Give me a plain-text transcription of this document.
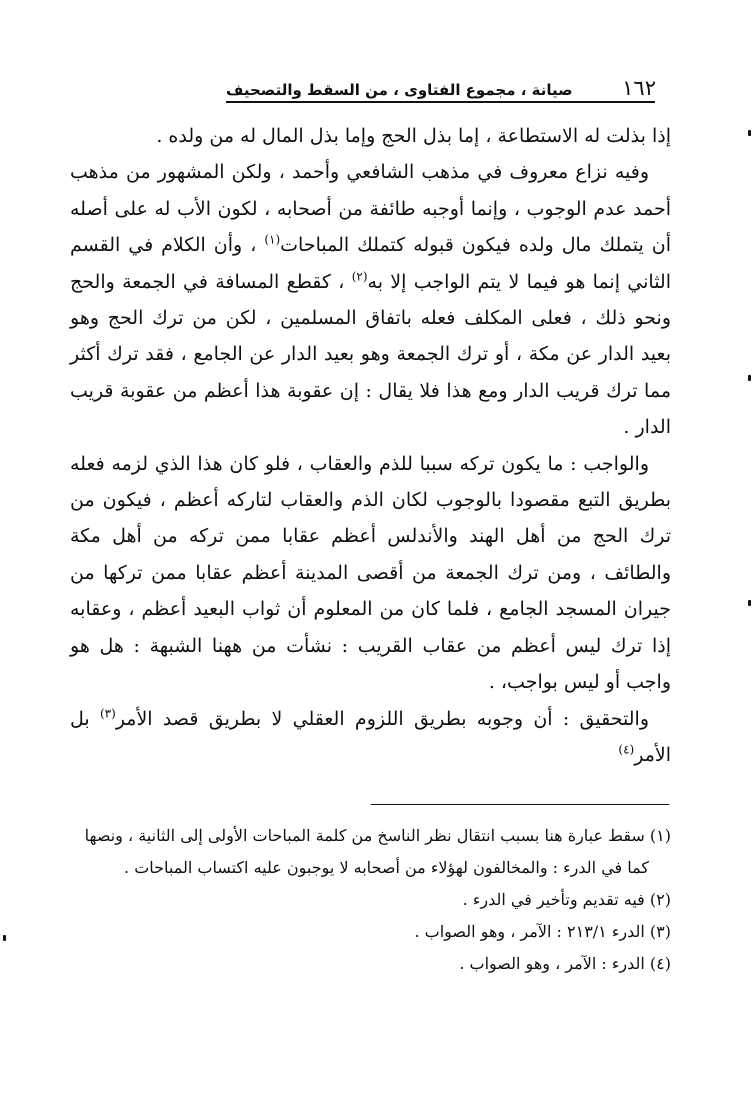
١٦٢
صيانة ، مجموع الفتاوى ، من السقط والتصحيف

إذا بذلت له الاستطاعة ، إما بذل الحج وإما بذل المال له من ولده .

وفيه نزاع معروف في مذهب الشافعي وأحمد ، ولكن المشهور من مذهب أحمد عدم الوجوب ، وإنما أوجبه طائفة من أصحابه ، لكون الأب له على أصله أن يتملك مال ولده فيكون قبوله كتملك المباحات$^{(١)}$ ، وأن الكلام في القسم الثاني إنما هو فيما لا يتم الواجب إلا به$^{(٢)}$ ، كقطع المسافة في الجمعة والحج ونحو ذلك ، فعلى المكلف فعله باتفاق المسلمين ، لكن من ترك الحج وهو بعيد الدار عن مكة ، أو ترك الجمعة وهو بعيد الدار عن الجامع ، فقد ترك أكثر مما ترك قريب الدار ومع هذا فلا يقال : إن عقوبة هذا أعظم من عقوبة قريب الدار .

والواجب : ما يكون تركه سببا للذم والعقاب ، فلو كان هذا الذي لزمه فعله بطريق التبع مقصودا بالوجوب لكان الذم والعقاب لتاركه أعظم ، فيكون من ترك الحج من أهل الهند والأندلس أعظم عقابا ممن تركه من أهل مكة والطائف ، ومن ترك الجمعة من أقصى المدينة أعظم عقابا ممن تركها من جيران المسجد الجامع ، فلما كان من المعلوم أن ثواب البعيد أعظم ، وعقابه إذا ترك ليس أعظم من عقاب القريب : نشأت من ههنا الشبهة : هل هو واجب أو ليس بواجب، .

والتحقيق : أن وجوبه بطريق اللزوم العقلي لا بطريق قصد الأمر$^{(٣)}$ بل الأمر$^{(٤)}$

(١) سقط عبارة هنا بسبب انتقال نظر الناسخ من كلمة المباحات الأولى إلى الثانية ، ونصها

كما في الدرء : والمخالفون لهؤلاء من أصحابه لا يوجبون عليه اكتساب المباحات .

(٢) فيه تقديم وتأخير في الدرء .

(٣) الدرء ٢١٣/١ : الآمر ، وهو الصواب .

(٤) الدرء : الآمر ، وهو الصواب .
